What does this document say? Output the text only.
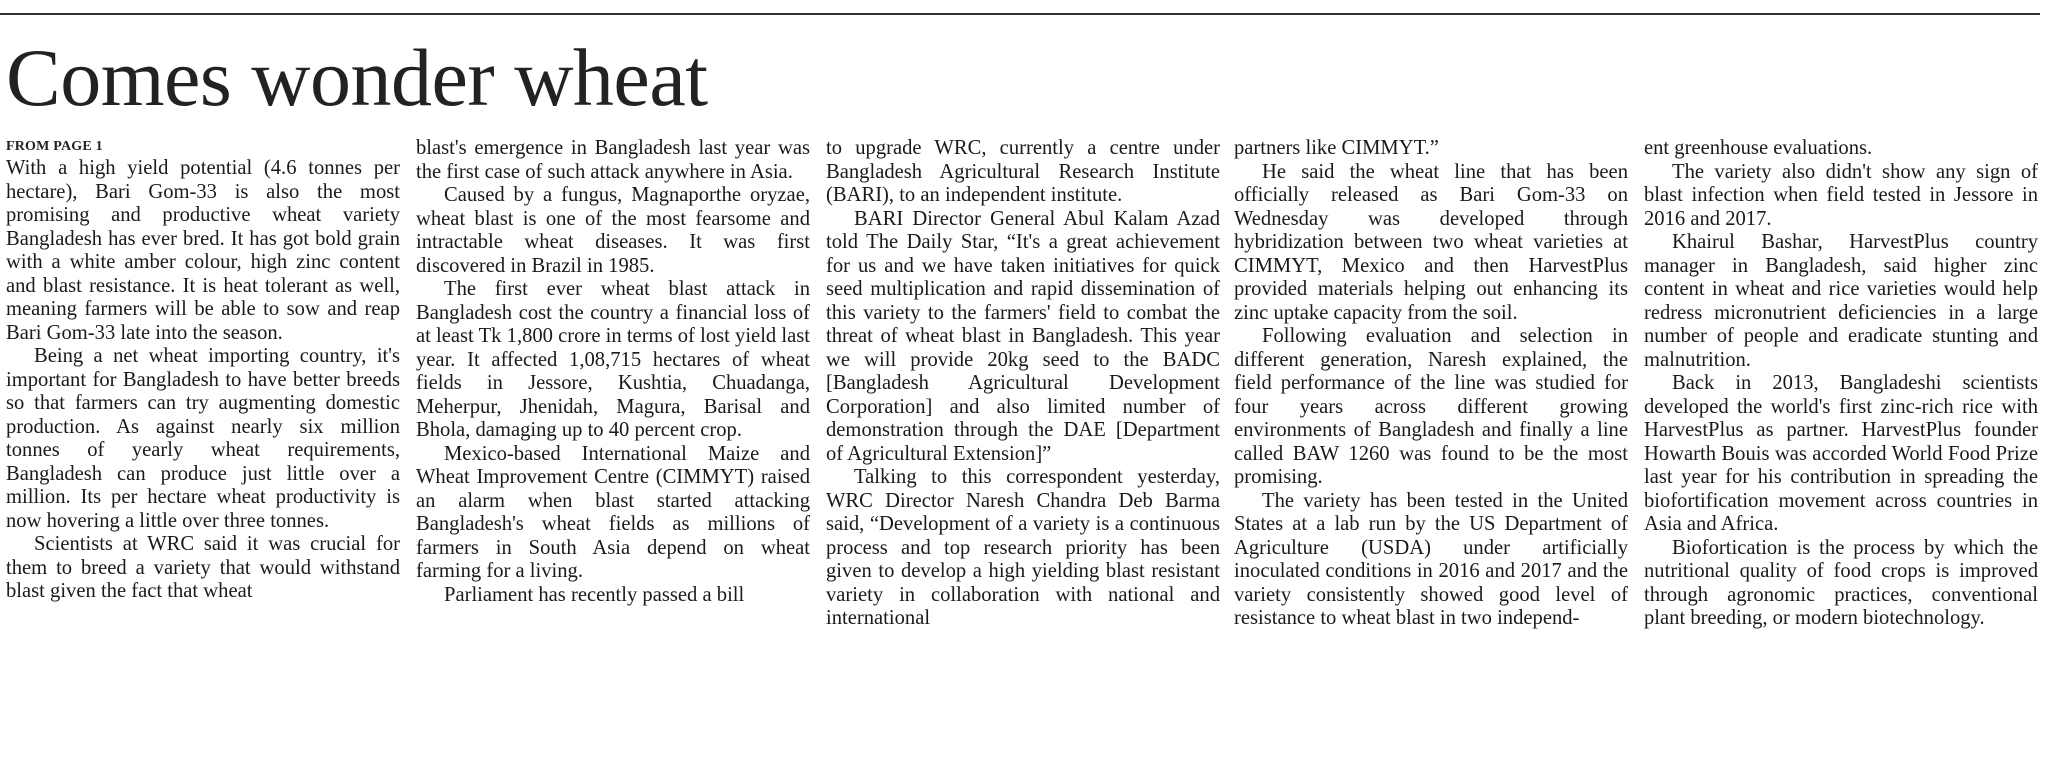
Comes wonder wheat
FROM PAGE 1

With a high yield potential (4.6 tonnes per hectare), Bari Gom-33 is also the most promising and productive wheat variety Bangladesh has ever bred. It has got bold grain with a white amber colour, high zinc content and blast resistance. It is heat tolerant as well, meaning farmers will be able to sow and reap Bari Gom-33 late into the season.

Being a net wheat importing country, it's important for Bangladesh to have better breeds so that farmers can try augmenting domestic production. As against nearly six million tonnes of yearly wheat requirements, Bangladesh can produce just little over a million. Its per hectare wheat productivity is now hovering a little over three tonnes.

Scientists at WRC said it was crucial for them to breed a variety that would withstand blast given the fact that wheat

blast's emergence in Bangladesh last year was the first case of such attack anywhere in Asia.

Caused by a fungus, Magnaporthe oryzae, wheat blast is one of the most fearsome and intractable wheat diseases. It was first discovered in Brazil in 1985.

The first ever wheat blast attack in Bangladesh cost the country a financial loss of at least Tk 1,800 crore in terms of lost yield last year. It affected 1,08,715 hectares of wheat fields in Jessore, Kushtia, Chuadanga, Meherpur, Jhenidah, Magura, Barisal and Bhola, damaging up to 40 percent crop.

Mexico-based International Maize and Wheat Improvement Centre (CIMMYT) raised an alarm when blast started attacking Bangladesh's wheat fields as millions of farmers in South Asia depend on wheat farming for a living.

Parliament has recently passed a bill

to upgrade WRC, currently a centre under Bangladesh Agricultural Research Institute (BARI), to an independent institute.

BARI Director General Abul Kalam Azad told The Daily Star, “It's a great achievement for us and we have taken initiatives for quick seed multiplication and rapid dissemination of this variety to the farmers' field to combat the threat of wheat blast in Bangladesh. This year we will provide 20kg seed to the BADC [Bangladesh Agricultural Development Corporation] and also limited number of demonstration through the DAE [Department of Agricultural Extension]”

Talking to this correspondent yesterday, WRC Director Naresh Chandra Deb Barma said, “Development of a variety is a continuous process and top research priority has been given to develop a high yielding blast resistant variety in collaboration with national and international

partners like CIMMYT.”

He said the wheat line that has been officially released as Bari Gom-33 on Wednesday was developed through hybridization between two wheat varieties at CIMMYT, Mexico and then HarvestPlus provided materials helping out enhancing its zinc uptake capacity from the soil.

Following evaluation and selection in different generation, Naresh explained, the field performance of the line was studied for four years across different growing environments of Bangladesh and finally a line called BAW 1260 was found to be the most promising.

The variety has been tested in the United States at a lab run by the US Department of Agriculture (USDA) under artificially inoculated conditions in 2016 and 2017 and the variety consistently showed good level of resistance to wheat blast in two independ-

ent greenhouse evaluations.

The variety also didn't show any sign of blast infection when field tested in Jessore in 2016 and 2017.

Khairul Bashar, HarvestPlus country manager in Bangladesh, said higher zinc content in wheat and rice varieties would help redress micronutrient deficiencies in a large number of people and eradicate stunting and malnutrition.

Back in 2013, Bangladeshi scientists developed the world's first zinc-rich rice with HarvestPlus as partner. HarvestPlus founder Howarth Bouis was accorded World Food Prize last year for his contribution in spreading the biofortification movement across countries in Asia and Africa.

Biofortication is the process by which the nutritional quality of food crops is improved through agronomic practices, conventional plant breeding, or modern biotechnology.
